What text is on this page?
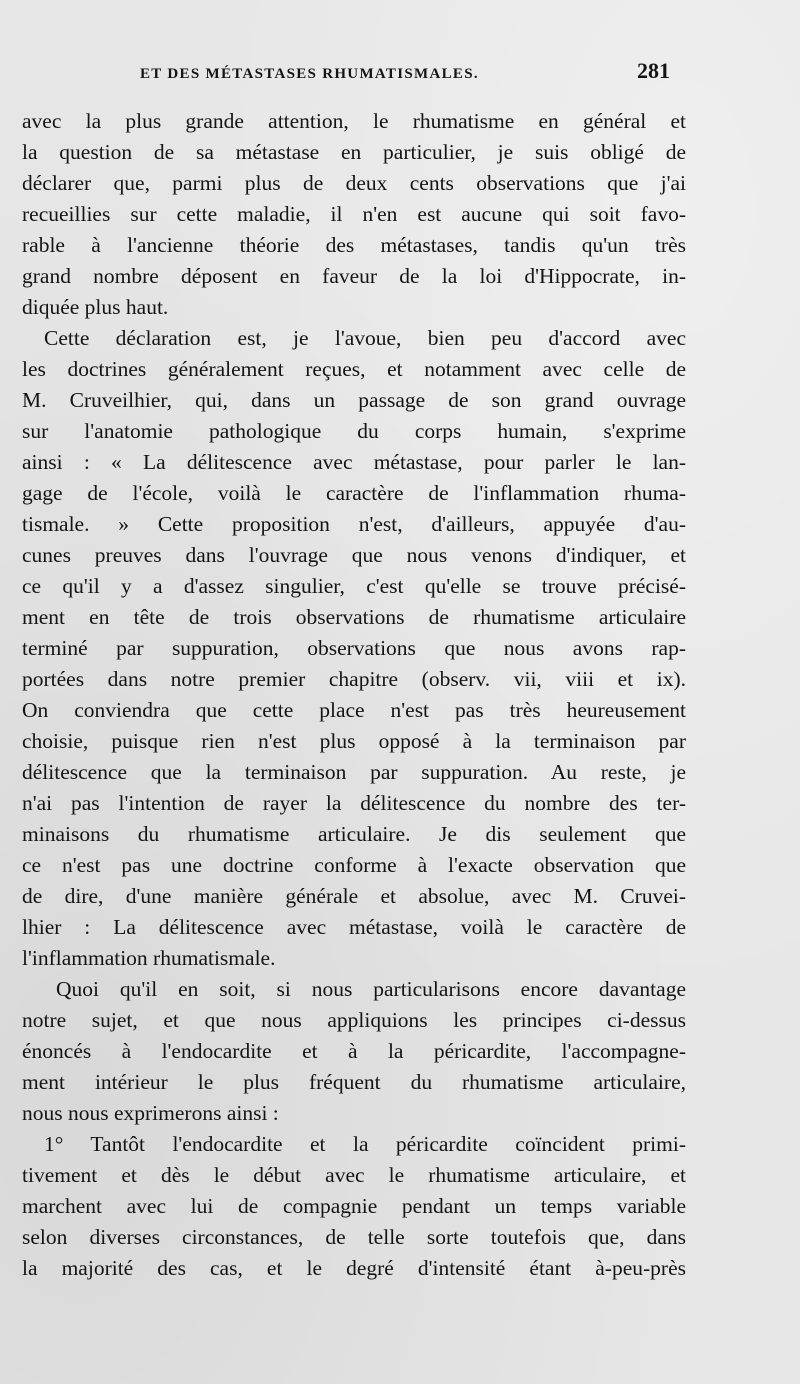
ET DES MÉTASTASES RHUMATISMALES.	281
avec la plus grande attention, le rhumatisme en général et
la question de sa métastase en particulier, je suis obligé de
déclarer que, parmi plus de deux cents observations que j'ai
recueillies sur cette maladie, il n'en est aucune qui soit favo-
rable à l'ancienne théorie des métastases, tandis qu'un très
grand nombre déposent en faveur de la loi d'Hippocrate, in-
diquée plus haut.
Cette déclaration est, je l'avoue, bien peu d'accord avec
les doctrines généralement reçues, et notamment avec celle de
M. Cruveilhier, qui, dans un passage de son grand ouvrage
sur l'anatomie pathologique du corps humain, s'exprime
ainsi : « La délitescence avec métastase, pour parler le lan-
gage de l'école, voilà le caractère de l'inflammation rhuma-
tismale. » Cette proposition n'est, d'ailleurs, appuyée d'au-
cunes preuves dans l'ouvrage que nous venons d'indiquer, et
ce qu'il y a d'assez singulier, c'est qu'elle se trouve précisé-
ment en tête de trois observations de rhumatisme articulaire
terminé par suppuration, observations que nous avons rap-
portées dans notre premier chapitre (observ. vii, viii et ix).
On conviendra que cette place n'est pas très heureusement
choisie, puisque rien n'est plus opposé à la terminaison par
délitescence que la terminaison par suppuration. Au reste, je
n'ai pas l'intention de rayer la délitescence du nombre des ter-
minaisons du rhumatisme articulaire. Je dis seulement que
ce n'est pas une doctrine conforme à l'exacte observation que
de dire, d'une manière générale et absolue, avec M. Cruvei-
lhier : La délitescence avec métastase, voilà le caractère de
l'inflammation rhumatismale.
Quoi qu'il en soit, si nous particularisons encore davantage
notre sujet, et que nous appliquions les principes ci-dessus
énoncés à l'endocardite et à la péricardite, l'accompagne-
ment intérieur le plus fréquent du rhumatisme articulaire,
nous nous exprimerons ainsi :
1° Tantôt l'endocardite et la péricardite coïncident primi-
tivement et dès le début avec le rhumatisme articulaire, et
marchent avec lui de compagnie pendant un temps variable
selon diverses circonstances, de telle sorte toutefois que, dans
la majorité des cas, et le degré d'intensité étant à-peu-près
